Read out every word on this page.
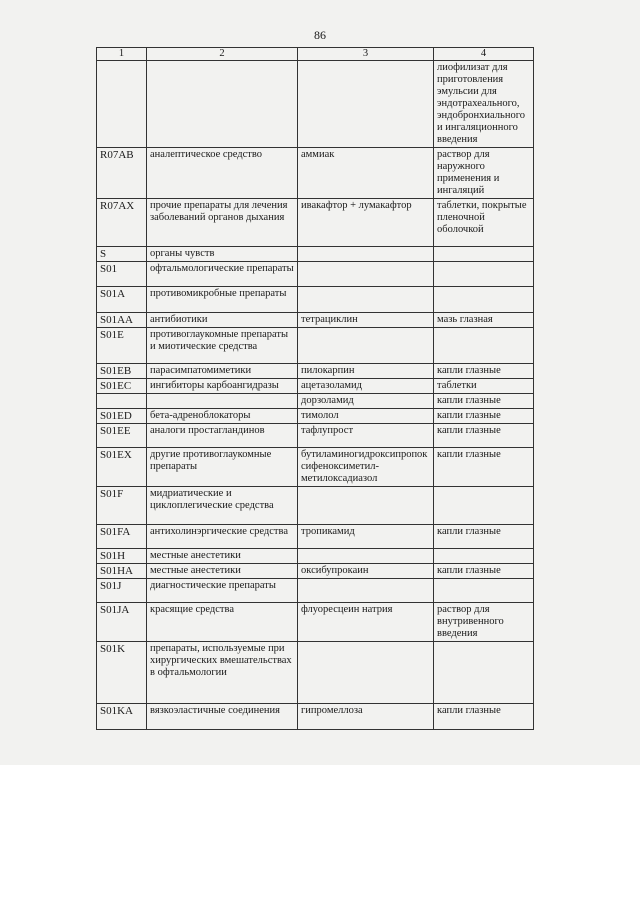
86
1	2	3	4
			лиофилизат для приготовления эмульсии для эндотрахеального, эндобронхиального и ингаляционного введения
R07AB	аналептическое средство	аммиак	раствор для наружного применения и ингаляций
R07AX	прочие препараты для лечения заболеваний органов дыхания	ивакафтор + лумакафтор	таблетки, покрытые пленочной оболочкой
S	органы чувств		
S01	офтальмологические препараты		
S01A	противомикробные препараты		
S01AA	антибиотики	тетрациклин	мазь глазная
S01E	противоглаукомные препараты и миотические средства		
S01EB	парасимпатомиметики	пилокарпин	капли глазные
S01EC	ингибиторы карбоангидразы	ацетазоламид	таблетки
		дорзоламид	капли глазные
S01ED	бета-адреноблокаторы	тимолол	капли глазные
S01EE	аналоги простагландинов	тафлупрост	капли глазные
S01EX	другие противоглаукомные препараты	бутиламиногидроксипропоксифеноксиметил-метилоксадиазол	капли глазные
S01F	мидриатические и циклоплегические средства		
S01FA	антихолинэргические средства	тропикамид	капли глазные
S01H	местные анестетики		
S01HA	местные анестетики	оксибупрокаин	капли глазные
S01J	диагностические препараты		
S01JA	красящие средства	флуоресцеин натрия	раствор для внутривенного введения
S01K	препараты, используемые при хирургических вмешательствах в офтальмологии		
S01KA	вязкоэластичные соединения	гипромеллоза	капли глазные
